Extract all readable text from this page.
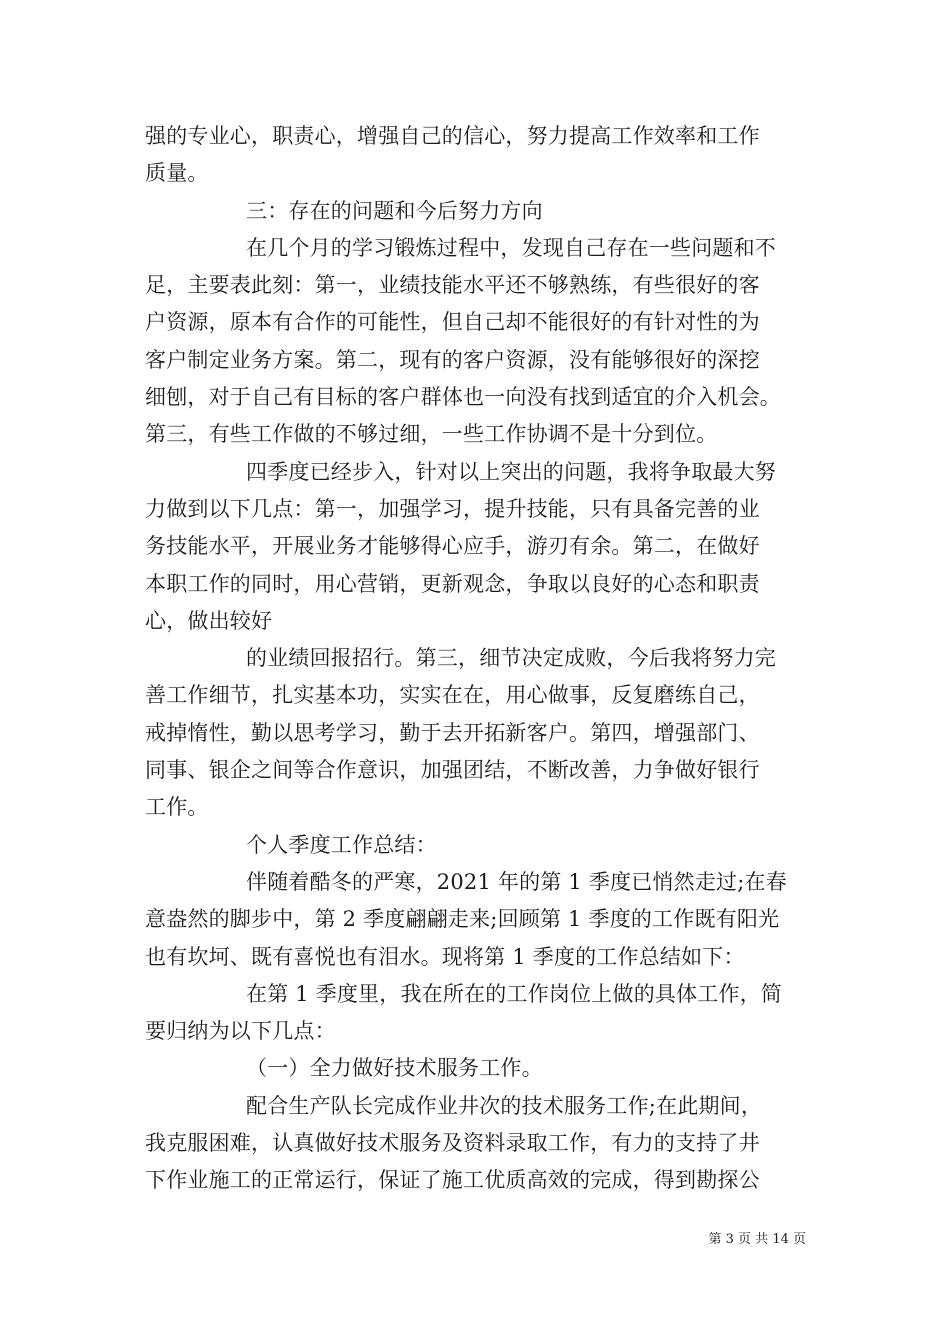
强的专业心，职责心，增强自己的信心，努力提高工作效率和工作
质量。
三：存在的问题和今后努力方向
在几个月的学习锻炼过程中，发现自己存在一些问题和不
足，主要表此刻：第一，业绩技能水平还不够熟练，有些很好的客
户资源，原本有合作的可能性，但自己却不能很好的有针对性的为
客户制定业务方案。第二，现有的客户资源，没有能够很好的深挖
细刨，对于自己有目标的客户群体也一向没有找到适宜的介入机会。
第三，有些工作做的不够过细，一些工作协调不是十分到位。
四季度已经步入，针对以上突出的问题，我将争取最大努
力做到以下几点：第一，加强学习，提升技能，只有具备完善的业
务技能水平，开展业务才能够得心应手，游刃有余。第二，在做好
本职工作的同时，用心营销，更新观念，争取以良好的心态和职责
心，做出较好
的业绩回报招行。第三，细节决定成败，今后我将努力完
善工作细节，扎实基本功，实实在在，用心做事，反复磨练自己，
戒掉惰性，勤以思考学习，勤于去开拓新客户。第四，增强部门、
同事、银企之间等合作意识，加强团结，不断改善，力争做好银行
工作。
个人季度工作总结：
伴随着酷冬的严寒，2021 年的第 1 季度已悄然走过;在春
意盎然的脚步中，第 2 季度翩翩走来;回顾第 1 季度的工作既有阳光
也有坎坷、既有喜悦也有泪水。现将第 1 季度的工作总结如下：
在第 1 季度里，我在所在的工作岗位上做的具体工作，简
要归纳为以下几点：
（一）全力做好技术服务工作。
配合生产队长完成作业井次的技术服务工作;在此期间，
我克服困难，认真做好技术服务及资料录取工作，有力的支持了井
下作业施工的正常运行，保证了施工优质高效的完成，得到勘探公
第 3 页 共 14 页
